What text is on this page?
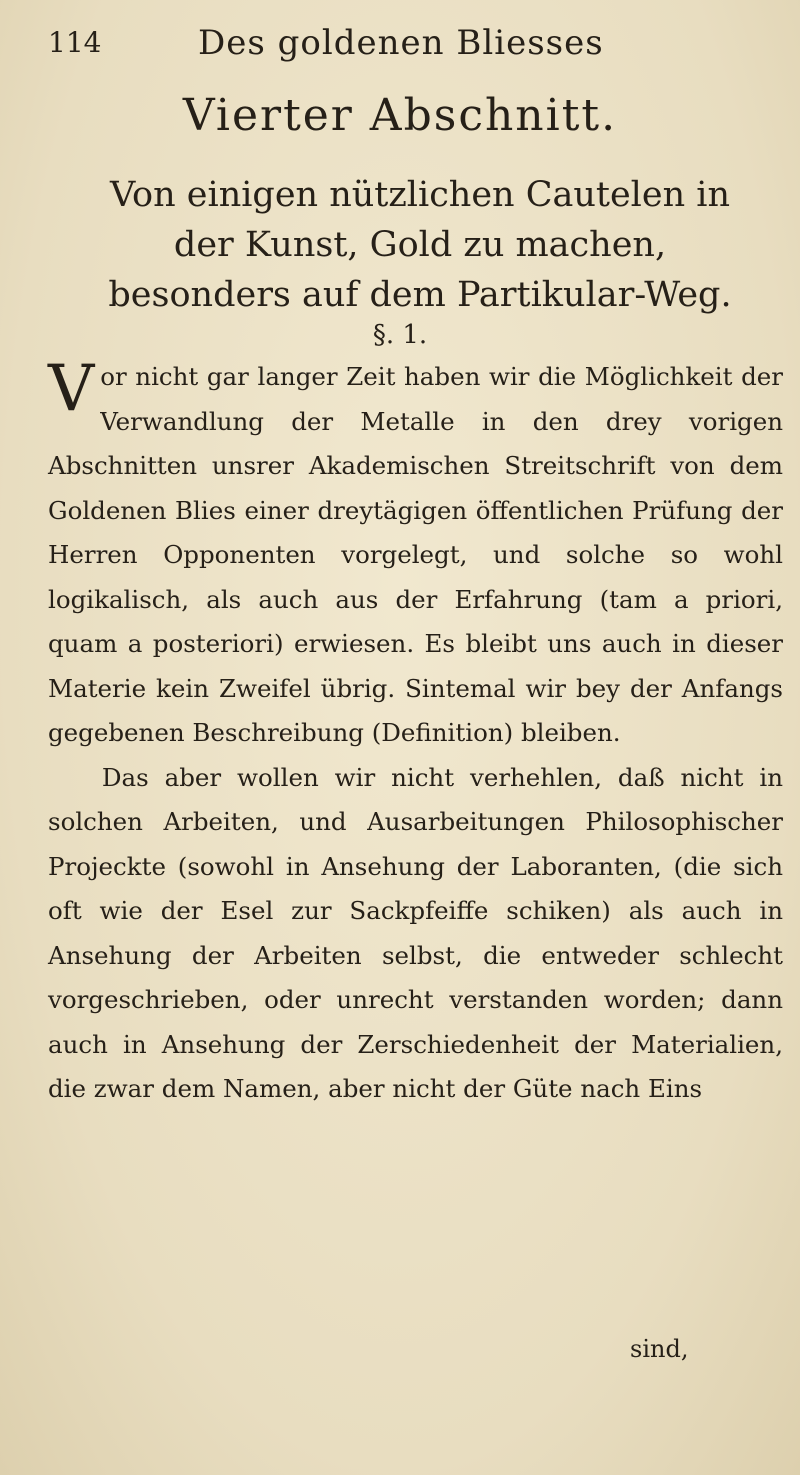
114	Des goldenen Bliesses
Vierter Abschnitt.
Von einigen nützlichen Cautelen in der Kunst, Gold zu machen, besonders auf dem Partikular-Weg.
§. 1.

Vor nicht gar langer Zeit haben wir die Möglichkeit der Verwandlung der Metalle in den drey vorigen Abschnitten unsrer Akademischen Streitschrift von dem Goldenen Blies einer dreytägigen öffentlichen Prüfung der Herren Opponenten vorgelegt, und solche so wohl logikalisch, als auch aus der Erfahrung (tam a priori, quam a posteriori) erwiesen. Es bleibt uns auch in dieser Materie kein Zweifel übrig. Sintemal wir bey der Anfangs gegebenen Beschreibung (Definition) bleiben.

Das aber wollen wir nicht verhehlen, daß nicht in solchen Arbeiten, und Ausarbeitungen Philosophischer Projeckte (sowohl in Ansehung der Laboranten, (die sich oft wie der Esel zur Sackpfeiffe schiken) als auch in Ansehung der Arbeiten selbst, die entweder schlecht vorgeschrieben, oder unrecht verstanden worden; dann auch in Ansehung der Zerschiedenheit der Materialien, die zwar dem Namen, aber nicht der Güte nach Eins

sind,
